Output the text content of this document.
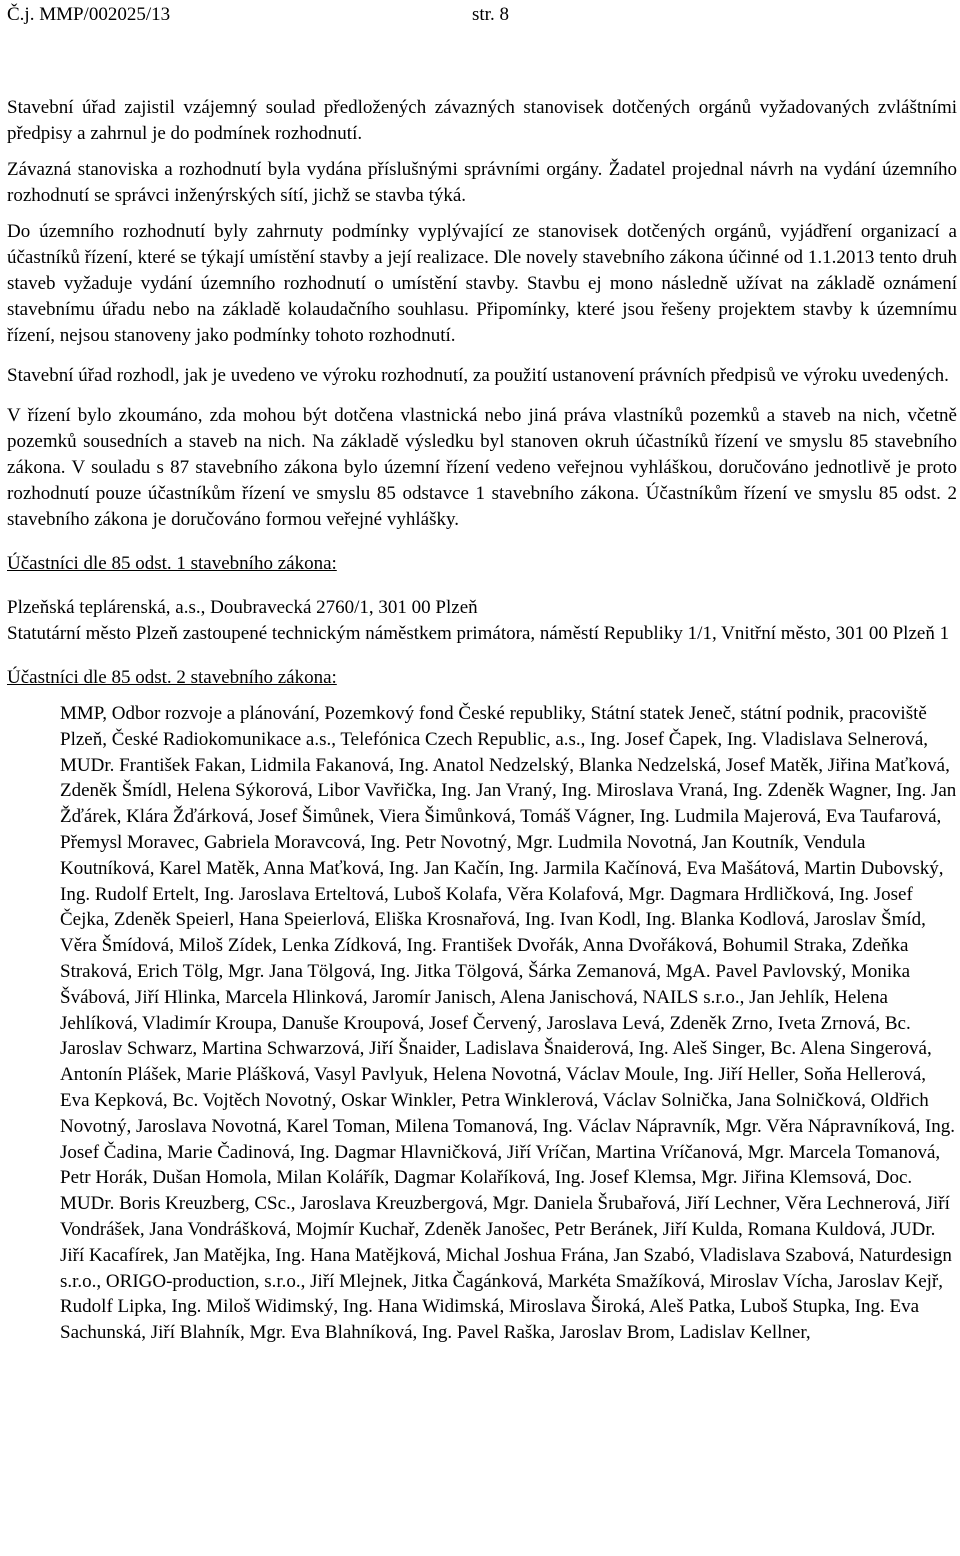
Č.j. MMP/002025/13	str. 8

Stavební úřad zajistil vzájemný soulad předložených závazných stanovisek dotčených orgánů vyžadovaných zvláštními předpisy a zahrnul je do podmínek rozhodnutí.

Závazná stanoviska a rozhodnutí byla vydána příslušnými správními orgány. Žadatel projednal návrh na vydání územního rozhodnutí se správci inženýrských sítí, jichž se stavba týká.

Do územního rozhodnutí byly zahrnuty podmínky vyplývající ze stanovisek dotčených orgánů, vyjádření organizací a účastníků řízení, které se týkají umístění stavby a její realizace. Dle novely stavebního zákona účinné od 1.1.2013 tento druh staveb vyžaduje vydání územního rozhodnutí o umístění stavby. Stavbu ej mono následně užívat na základě oznámení stavebnímu úřadu nebo na základě kolaudačního souhlasu. Připomínky, které jsou řešeny projektem stavby k územnímu řízení, nejsou stanoveny jako podmínky tohoto rozhodnutí.

Stavební úřad rozhodl, jak je uvedeno ve výroku rozhodnutí, za použití ustanovení právních předpisů ve výroku uvedených.

V řízení bylo zkoumáno, zda mohou být dotčena vlastnická nebo jiná práva vlastníků pozemků a staveb na nich, včetně pozemků sousedních a staveb na nich. Na základě výsledku byl stanoven okruh účastníků řízení ve smyslu 85 stavebního zákona. V souladu s 87 stavebního zákona bylo územní řízení vedeno veřejnou vyhláškou, doručováno jednotlivě je proto rozhodnutí pouze účastníkům řízení ve smyslu 85 odstavce 1 stavebního zákona. Účastníkům řízení ve smyslu 85 odst. 2 stavebního zákona je doručováno formou veřejné vyhlášky.

Účastníci dle 85 odst. 1 stavebního zákona:

Plzeňská teplárenská, a.s., Doubravecká 2760/1, 301 00 Plzeň

Statutární město Plzeň zastoupené technickým náměstkem primátora, náměstí Republiky 1/1, Vnitřní město, 301 00 Plzeň 1

Účastníci dle 85 odst. 2 stavebního zákona:

MMP, Odbor rozvoje a plánování, Pozemkový fond České republiky, Státní statek Jeneč, státní podnik, pracoviště Plzeň, České Radiokomunikace a.s., Telefónica Czech Republic, a.s., Ing. Josef Čapek, Ing. Vladislava Selnerová, MUDr. František Fakan, Lidmila Fakanová, Ing. Anatol Nedzelský, Blanka Nedzelská, Josef Matěk, Jiřina Maťková, Zdeněk Šmídl, Helena Sýkorová, Libor Vavřička, Ing. Jan Vraný, Ing. Miroslava Vraná, Ing. Zdeněk Wagner, Ing. Jan Žďárek, Klára Žďárková, Josef Šimůnek, Viera Šimůnková, Tomáš Vágner, Ing. Ludmila Majerová, Eva Taufarová, Přemysl Moravec, Gabriela Moravcová, Ing. Petr Novotný, Mgr. Ludmila Novotná, Jan Koutník, Vendula Koutníková, Karel Matěk, Anna Maťková, Ing. Jan Kačín, Ing. Jarmila Kačínová, Eva Mašátová, Martin Dubovský, Ing. Rudolf Ertelt, Ing. Jaroslava Erteltová, Luboš Kolafa, Věra Kolafová, Mgr. Dagmara Hrdličková, Ing. Josef Čejka, Zdeněk Speierl, Hana Speierlová, Eliška Krosnařová, Ing. Ivan Kodl, Ing. Blanka Kodlová, Jaroslav Šmíd, Věra Šmídová, Miloš Zídek, Lenka Zídková, Ing. František Dvořák, Anna Dvořáková, Bohumil Straka, Zdeňka Straková, Erich Tölg, Mgr. Jana Tölgová, Ing. Jitka Tölgová, Šárka Zemanová, MgA. Pavel Pavlovský, Monika Švábová, Jiří Hlinka, Marcela Hlinková, Jaromír Janisch, Alena Janischová, NAILS s.r.o., Jan Jehlík, Helena Jehlíková, Vladimír Kroupa, Danuše Kroupová, Josef Červený, Jaroslava Levá, Zdeněk Zrno, Iveta Zrnová, Bc. Jaroslav Schwarz, Martina Schwarzová, Jiří Šnaider, Ladislava Šnaiderová, Ing. Aleš Singer, Bc. Alena Singerová, Antonín Plášek, Marie Plášková, Vasyl Pavlyuk, Helena Novotná, Václav Moule, Ing. Jiří Heller, Soňa Hellerová, Eva Kepková, Bc. Vojtěch Novotný, Oskar Winkler, Petra Winklerová, Václav Solnička, Jana Solničková, Oldřich Novotný, Jaroslava Novotná, Karel Toman, Milena Tomanová, Ing. Václav Nápravník, Mgr. Věra Nápravníková, Ing. Josef Čadina, Marie Čadinová, Ing. Dagmar Hlavničková, Jiří Vríčan, Martina Vríčanová, Mgr. Marcela Tomanová, Petr Horák, Dušan Homola, Milan Kolářík, Dagmar Kolaříková, Ing. Josef Klemsa, Mgr. Jiřina Klemsová, Doc. MUDr. Boris Kreuzberg, CSc., Jaroslava Kreuzbergová, Mgr. Daniela Šrubařová, Jiří Lechner, Věra Lechnerová, Jiří Vondrášek, Jana Vondrášková, Mojmír Kuchař, Zdeněk Janošec, Petr Beránek, Jiří Kulda, Romana Kuldová, JUDr. Jiří Kacafírek, Jan Matějka, Ing. Hana Matějková, Michal Joshua Frána, Jan Szabó, Vladislava Szabová, Naturdesign s.r.o., ORIGO-production, s.r.o., Jiří Mlejnek, Jitka Čagánková, Markéta Smažíková, Miroslav Vícha, Jaroslav Kejř, Rudolf Lipka, Ing. Miloš Widimský, Ing. Hana Widimská, Miroslava Široká, Aleš Patka, Luboš Stupka, Ing. Eva Sachunská, Jiří Blahník, Mgr. Eva Blahníková, Ing. Pavel Raška, Jaroslav Brom, Ladislav Kellner,
